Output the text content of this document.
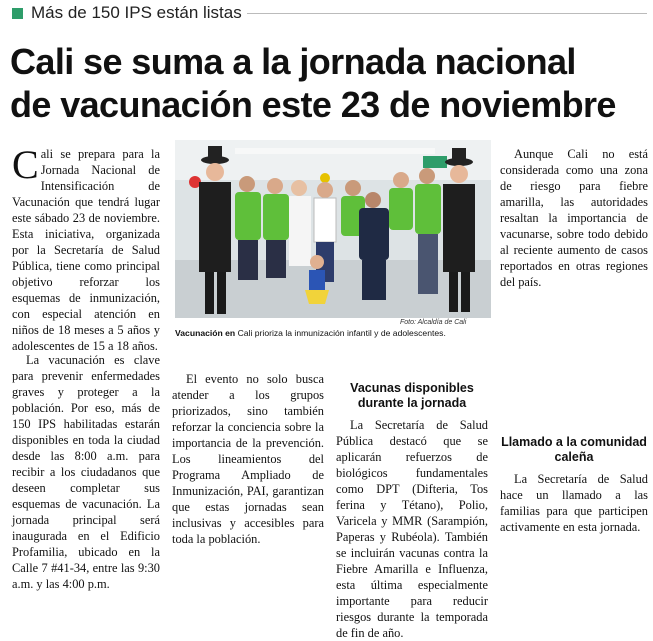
Más de 150 IPS están listas
Cali se suma a la jornada nacional
de vacunación este 23 de noviembre

Cali se prepara para la Jornada Nacional de Intensificación de Vacunación que tendrá lugar este sábado 23 de noviembre. Esta iniciativa, organizada por la Secretaría de Salud Pública, tiene como principal objetivo reforzar los esquemas de inmunización, con especial atención en niños de 18 meses a 5 años y adolescentes de 15 a 18 años.

La vacunación es clave para prevenir enfermedades graves y proteger a la población. Por eso, más de 150 IPS habilitadas estarán disponibles en toda la ciudad desde las 8:00 a.m. para recibir a los ciudadanos que deseen completar sus esquemas de vacunación. La jornada principal será inaugurada en el Edificio Profamilia, ubicado en la Calle 7 #41-34, entre las 9:30 a.m. y las 4:00 p.m.

Foto: Alcaldía de Cali
Vacunación en Cali prioriza la inmunización infantil y de adolescentes.

El evento no solo busca atender a los grupos priorizados, sino también reforzar la conciencia sobre la importancia de la prevención. Los lineamientos del Programa Ampliado de Inmunización, PAI, garantizan que estas jornadas sean inclusivas y accesibles para toda la población.

Vacunas disponibles durante la jornada

La Secretaría de Salud Pública destacó que se aplicarán refuerzos de biológicos fundamentales como DPT (Difteria, Tos ferina y Tétano), Polio, Varicela y MMR (Sarampión, Paperas y Rubéola). También se incluirán vacunas contra la Fiebre Amarilla e Influenza, esta última especialmente importante para reducir riesgos durante la temporada de fin de año.

Aunque Cali no está considerada como una zona de riesgo para fiebre amarilla, las autoridades resaltan la importancia de vacunarse, sobre todo debido al reciente aumento de casos reportados en otras regiones del país.

Llamado a la comunidad caleña

La Secretaría de Salud hace un llamado a las familias para que participen activamente en esta jornada.
